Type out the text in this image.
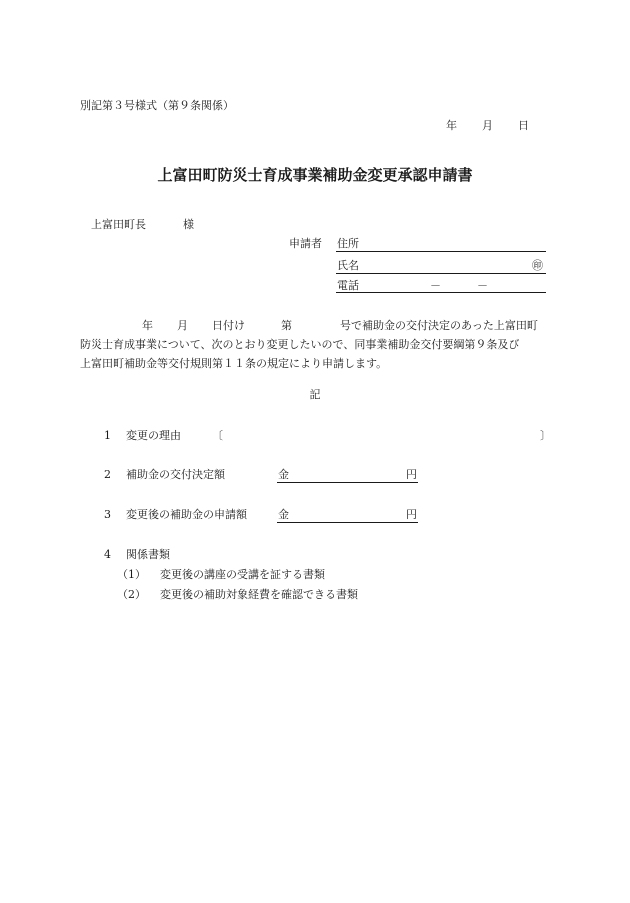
別記第３号様式（第９条関係）
年 月 日
上富田町防災士育成事業補助金変更承認申請書
上富田町長	様
申請者 住所
氏名	㊞
電話	－	－

年 月 日付け	第	号で補助金の交付決定のあった上富田町

防災士育成事業について、次のとおり変更したいので、同事業補助金交付要綱第９条及び

上富田町補助金等交付規則第１１条の規定により申請します。

記
1 変更の理由	〔	〕
2 補助金の交付決定額	金	円
3 変更後の補助金の申請額	金	円
4 関係書類
（1） 変更後の講座の受講を証する書類
（2） 変更後の補助対象経費を確認できる書類
